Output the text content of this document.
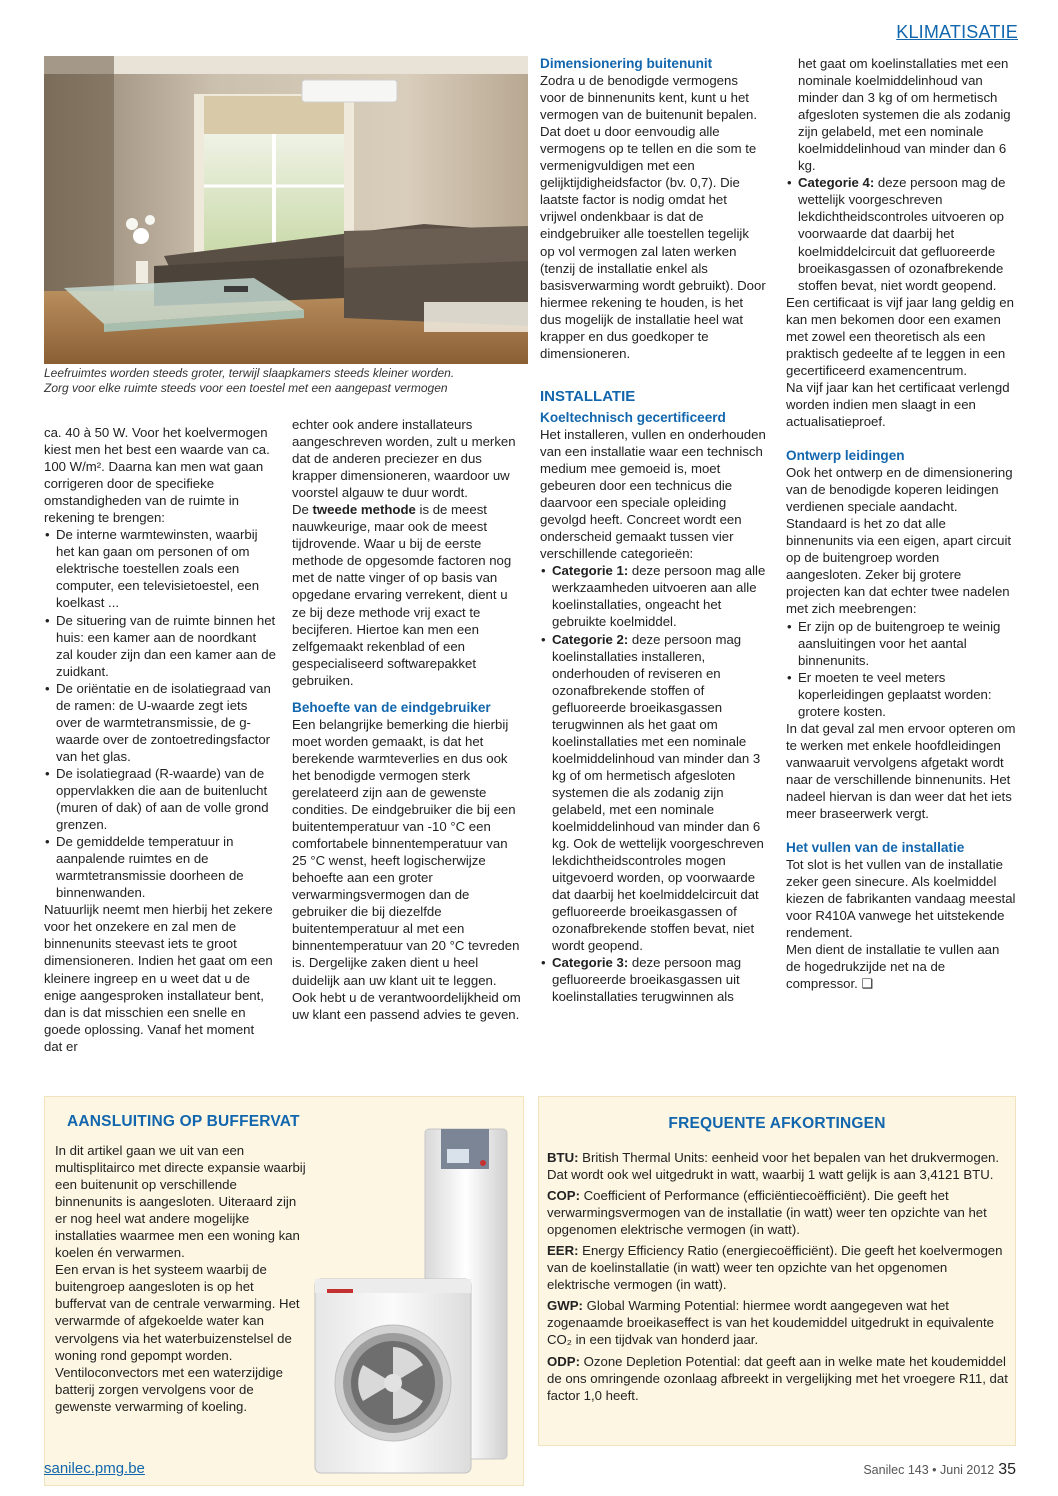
KLIMATISATIE
Leefruimtes worden steeds groter, terwijl slaapkamers steeds kleiner worden.
Zorg voor elke ruimte steeds voor een toestel met een aangepast vermogen

ca. 40 à 50 W. Voor het koelvermogen kiest men het best een waarde van ca. 100 W/m². Daarna kan men wat gaan corrigeren door de specifieke omstandigheden van de ruimte in rekening te brengen:

• De interne warmtewinsten, waarbij het kan gaan om personen of om elektrische toestellen zoals een computer, een televisietoestel, een koelkast ...
• De situering van de ruimte binnen het huis: een kamer aan de noordkant zal kouder zijn dan een kamer aan de zuidkant.
• De oriëntatie en de isolatiegraad van de ramen: de U-waarde zegt iets over de warmtetransmissie, de g-waarde over de zontoetredingsfactor van het glas.
• De isolatiegraad (R-waarde) van de oppervlakken die aan de buitenlucht (muren of dak) of aan de volle grond grenzen.
• De gemiddelde temperatuur in aanpalende ruimtes en de warmtetransmissie doorheen de binnenwanden.

Natuurlijk neemt men hierbij het zekere voor het onzekere en zal men de binnenunits steevast iets te groot dimensioneren. Indien het gaat om een kleinere ingreep en u weet dat u de enige aangesproken installateur bent, dan is dat misschien een snelle en goede oplossing. Vanaf het moment dat er

echter ook andere installateurs aangeschreven worden, zult u merken dat de anderen preciezer en dus krapper dimensioneren, waardoor uw voorstel algauw te duur wordt.

De tweede methode is de meest nauwkeurige, maar ook de meest tijdrovende. Waar u bij de eerste methode de opgesomde factoren nog met de natte vinger of op basis van opgedane ervaring verrekent, dient u ze bij deze methode vrij exact te becijferen. Hiertoe kan men een zelfgemaakt rekenblad of een gespecialiseerd softwarepakket gebruiken.

Behoefte van de eindgebruiker

Een belangrijke bemerking die hierbij moet worden gemaakt, is dat het berekende warmteverlies en dus ook het benodigde vermogen sterk gerelateerd zijn aan de gewenste condities. De eindgebruiker die bij een buitentemperatuur van -10 °C een comfortabele binnentemperatuur van 25 °C wenst, heeft logischerwijze behoefte aan een groter verwarmingsvermogen dan de gebruiker die bij diezelfde buitentemperatuur al met een binnentemperatuur van 20 °C tevreden is. Dergelijke zaken dient u heel duidelijk aan uw klant uit te leggen. Ook hebt u de verantwoordelijkheid om uw klant een passend advies te geven.

Dimensionering buitenunit

Zodra u de benodigde vermogens voor de binnenunits kent, kunt u het vermogen van de buitenunit bepalen. Dat doet u door eenvoudig alle vermogens op te tellen en die som te vermenigvuldigen met een gelijktijdigheidsfactor (bv. 0,7). Die laatste factor is nodig omdat het vrijwel ondenkbaar is dat de eindgebruiker alle toestellen tegelijk op vol vermogen zal laten werken (tenzij de installatie enkel als basisverwarming wordt gebruikt). Door hiermee rekening te houden, is het dus mogelijk de installatie heel wat krapper en dus goedkoper te dimensioneren.

INSTALLATIE

Koeltechnisch gecertificeerd

Het installeren, vullen en onderhouden van een installatie waar een technisch medium mee gemoeid is, moet gebeuren door een technicus die daarvoor een speciale opleiding gevolgd heeft. Concreet wordt een onderscheid gemaakt tussen vier verschillende categorieën:

• Categorie 1: deze persoon mag alle werkzaamheden uitvoeren aan alle koelinstallaties, ongeacht het gebruikte koelmiddel.
• Categorie 2: deze persoon mag koelinstallaties installeren, onderhouden of reviseren en ozonafbrekende stoffen of gefluoreerde broeikasgassen terugwinnen als het gaat om koelinstallaties met een nominale koelmiddelinhoud van minder dan 3 kg of om hermetisch afgesloten systemen die als zodanig zijn gelabeld, met een nominale koelmiddelinhoud van minder dan 6 kg. Ook de wettelijk voorgeschreven lekdichtheidscontroles mogen uitgevoerd worden, op voorwaarde dat daarbij het koelmiddelcircuit dat gefluoreerde broeikasgassen of ozonafbrekende stoffen bevat, niet wordt geopend.
• Categorie 3: deze persoon mag gefluoreerde broeikasgassen uit koelinstallaties terugwinnen als
het gaat om koelinstallaties met een nominale koelmiddelinhoud van minder dan 3 kg of om hermetisch afgesloten systemen die als zodanig zijn gelabeld, met een nominale koelmiddelinhoud van minder dan 6 kg.
• Categorie 4: deze persoon mag de wettelijk voorgeschreven lekdichtheidscontroles uitvoeren op voorwaarde dat daarbij het koelmiddelcircuit dat gefluoreerde broeikasgassen of ozonafbrekende stoffen bevat, niet wordt geopend.

Een certificaat is vijf jaar lang geldig en kan men bekomen door een examen met zowel een theoretisch als een praktisch gedeelte af te leggen in een gecertificeerd examencentrum.

Na vijf jaar kan het certificaat verlengd worden indien men slaagt in een actualisatieproef.

Ontwerp leidingen

Ook het ontwerp en de dimensionering van de benodigde koperen leidingen verdienen speciale aandacht. Standaard is het zo dat alle binnenunits via een eigen, apart circuit op de buitengroep worden aangesloten. Zeker bij grotere projecten kan dat echter twee nadelen met zich meebrengen:

• Er zijn op de buitengroep te weinig aansluitingen voor het aantal binnenunits.
• Er moeten te veel meters koperleidingen geplaatst worden: grotere kosten.

In dat geval zal men ervoor opteren om te werken met enkele hoofdleidingen vanwaaruit vervolgens afgetakt wordt naar de verschillende binnenunits. Het nadeel hiervan is dan weer dat het iets meer braseerwerk vergt.

Het vullen van de installatie

Tot slot is het vullen van de installatie zeker geen sinecure. Als koelmiddel kiezen de fabrikanten vandaag meestal voor R410A vanwege het uitstekende rendement.

Men dient de installatie te vullen aan de hogedrukzijde net na de compressor. ❑

AANSLUITING OP BUFFERVAT

In dit artikel gaan we uit van een multisplitairco met directe expansie waarbij een buitenunit op verschillende binnenunits is aangesloten. Uiteraard zijn er nog heel wat andere mogelijke installaties waarmee men een woning kan koelen én verwarmen.

Een ervan is het systeem waarbij de buitengroep aangesloten is op het buffervat van de centrale verwarming. Het verwarmde of afgekoelde water kan vervolgens via het waterbuizenstelsel de woning rond gepompt worden. Ventiloconvectors met een waterzijdige batterij zorgen vervolgens voor de gewenste verwarming of koeling.

FREQUENTE AFKORTINGEN

BTU: British Thermal Units: eenheid voor het bepalen van het drukvermogen. Dat wordt ook wel uitgedrukt in watt, waarbij 1 watt gelijk is aan 3,4121 BTU.

COP: Coefficient of Performance (efficiëntiecoëfficiënt). Die geeft het verwarmingsvermogen van de installatie (in watt) weer ten opzichte van het opgenomen elektrische vermogen (in watt).

EER: Energy Efficiency Ratio (energiecoëfficiënt). Die geeft het koelvermogen van de koelinstallatie (in watt) weer ten opzichte van het opgenomen elektrische vermogen (in watt).

GWP: Global Warming Potential: hiermee wordt aangegeven wat het zogenaamde broeikaseffect is van het koudemiddel uitgedrukt in equivalente CO₂ in een tijdvak van honderd jaar.

ODP: Ozone Depletion Potential: dat geeft aan in welke mate het koudemiddel de ons omringende ozonlaag afbreekt in vergelijking met het vroegere R11, dat factor 1,0 heeft.

sanilec.pmg.be	Sanilec 143 • Juni 2012 35
